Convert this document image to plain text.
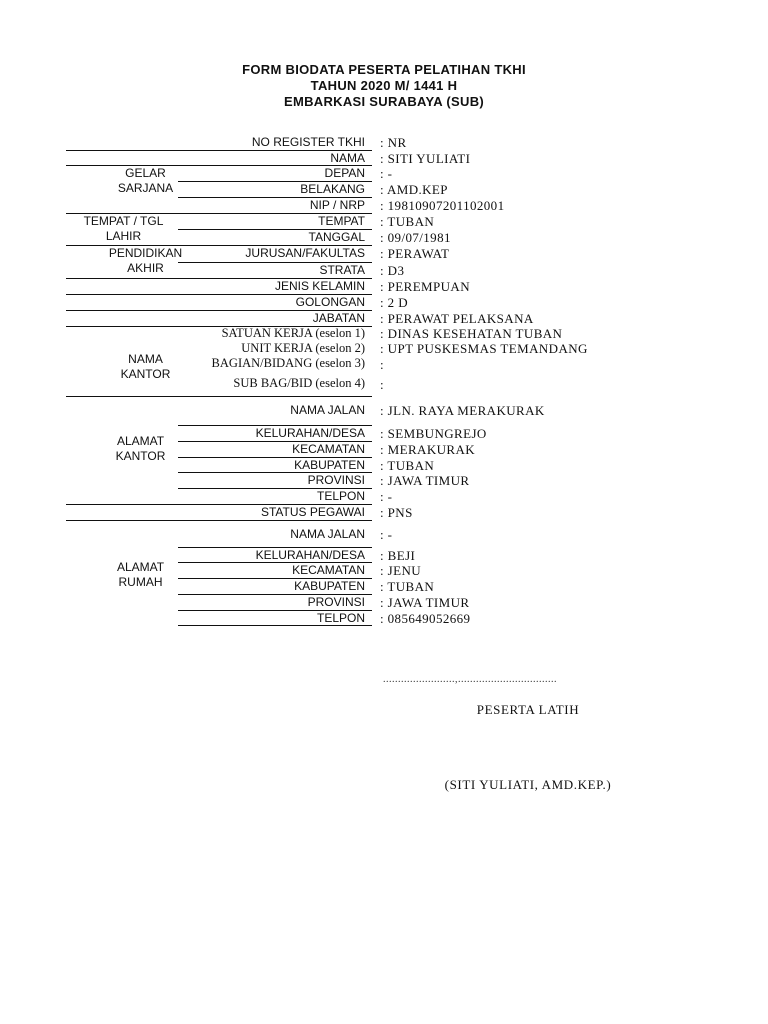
FORM BIODATA PESERTA PELATIHAN TKHI
TAHUN 2020 M/ 1441 H
EMBARKASI SURABAYA (SUB)
GELAR
SARJANA
TEMPAT / TGL
LAHIR
PENDIDIKAN
AKHIR
NAMA
KANTOR
ALAMAT
KANTOR
ALAMAT
RUMAH
NO REGISTER TKHI
NAMA
DEPAN
BELAKANG
NIP / NRP
TEMPAT
TANGGAL
JURUSAN/FAKULTAS
STRATA
JENIS KELAMIN
GOLONGAN
JABATAN
SATUAN KERJA (eselon 1)
UNIT KERJA (eselon 2)
BAGIAN/BIDANG (eselon 3)
SUB BAG/BID (eselon 4)
NAMA JALAN
KELURAHAN/DESA
KECAMATAN
KABUPATEN
PROVINSI
TELPON
STATUS PEGAWAI
NAMA JALAN
KELURAHAN/DESA
KECAMATAN
KABUPATEN
PROVINSI
TELPON
: NR
: SITI YULIATI
: -
: AMD.KEP
: 19810907201102001
: TUBAN
: 09/07/1981
: PERAWAT
: D3
: PEREMPUAN
: 2 D
: PERAWAT PELAKSANA
: DINAS KESEHATAN TUBAN
: UPT PUSKESMAS TEMANDANG
:
:
: JLN. RAYA MERAKURAK
: SEMBUNGREJO
: MERAKURAK
: TUBAN
: JAWA TIMUR
: -
: PNS
: -
: BEJI
: JENU
: TUBAN
: JAWA TIMUR
: 085649052669
........................,.................................
PESERTA LATIH
(SITI YULIATI, AMD.KEP.)
